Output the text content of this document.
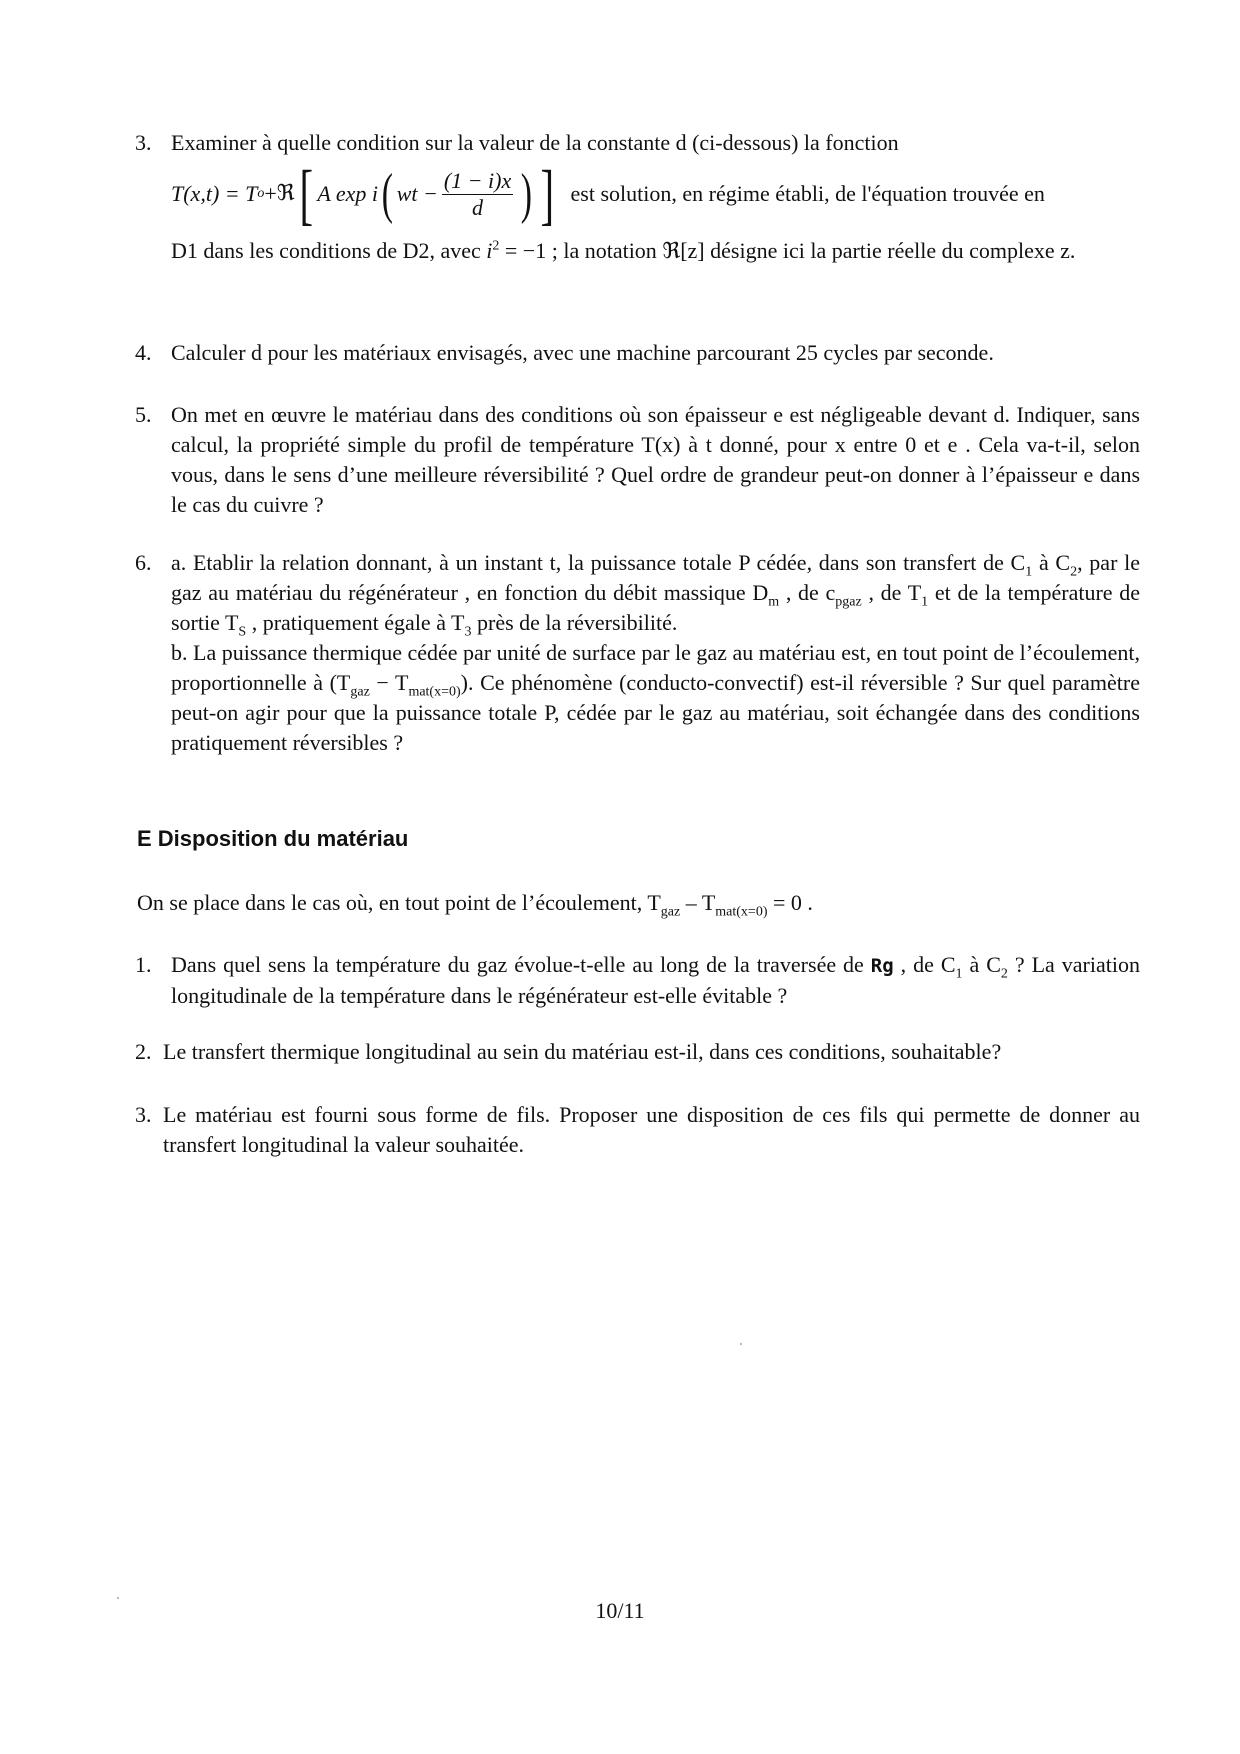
3. Examiner à quelle condition sur la valeur de la constante d (ci-dessous) la fonction

T(x,t) = T o + ℜ [ A exp i ( wt − $\frac{(1 - i)x}{d}$ ) ] est solution, en régime établi, de l'équation trouvée en

D1 dans les conditions de D2, avec $i^2 = -1$ ; la notation ℜ[z] désigne ici la partie réelle du complexe z.

4. Calculer d pour les matériaux envisagés, avec une machine parcourant 25 cycles par seconde.
5. On met en œuvre le matériau dans des conditions où son épaisseur e est négligeable devant d. Indiquer, sans calcul, la propriété simple du profil de température T(x) à t donné, pour x entre 0 et e . Cela va-t-il, selon vous, dans le sens d’une meilleure réversibilité ? Quel ordre de grandeur peut-on donner à l’épaisseur e dans le cas du cuivre ?
6. a. Etablir la relation donnant, à un instant t, la puissance totale P cédée, dans son transfert de $C_1$ à $C_2$, par le gaz au matériau du régénérateur , en fonction du débit massique $D_m$ , de $c_{pgaz}$ , de $T_1$ et de la température de sortie $T_S$ , pratiquement égale à $T_3$ près de la réversibilité.

b. La puissance thermique cédée par unité de surface par le gaz au matériau est, en tout point de l’écoulement, proportionnelle à $(T_{gaz} - T_{mat(x=0)})$. Ce phénomène (conducto-convectif) est-il réversible ? Sur quel paramètre peut-on agir pour que la puissance totale P, cédée par le gaz au matériau, soit échangée dans des conditions pratiquement réversibles ?

E Disposition du matériau
On se place dans le cas où, en tout point de l’écoulement, $T_{gaz} - T_{mat(x=0)} = 0$ .
1. Dans quel sens la température du gaz évolue-t-elle au long de la traversée de Rg , de $C_1$ à $C_2$ ? La variation longitudinale de la température dans le régénérateur est-elle évitable ?
2. Le transfert thermique longitudinal au sein du matériau est-il, dans ces conditions, souhaitable?
3. Le matériau est fourni sous forme de fils. Proposer une disposition de ces fils qui permette de donner au transfert longitudinal la valeur souhaitée.
10/11
